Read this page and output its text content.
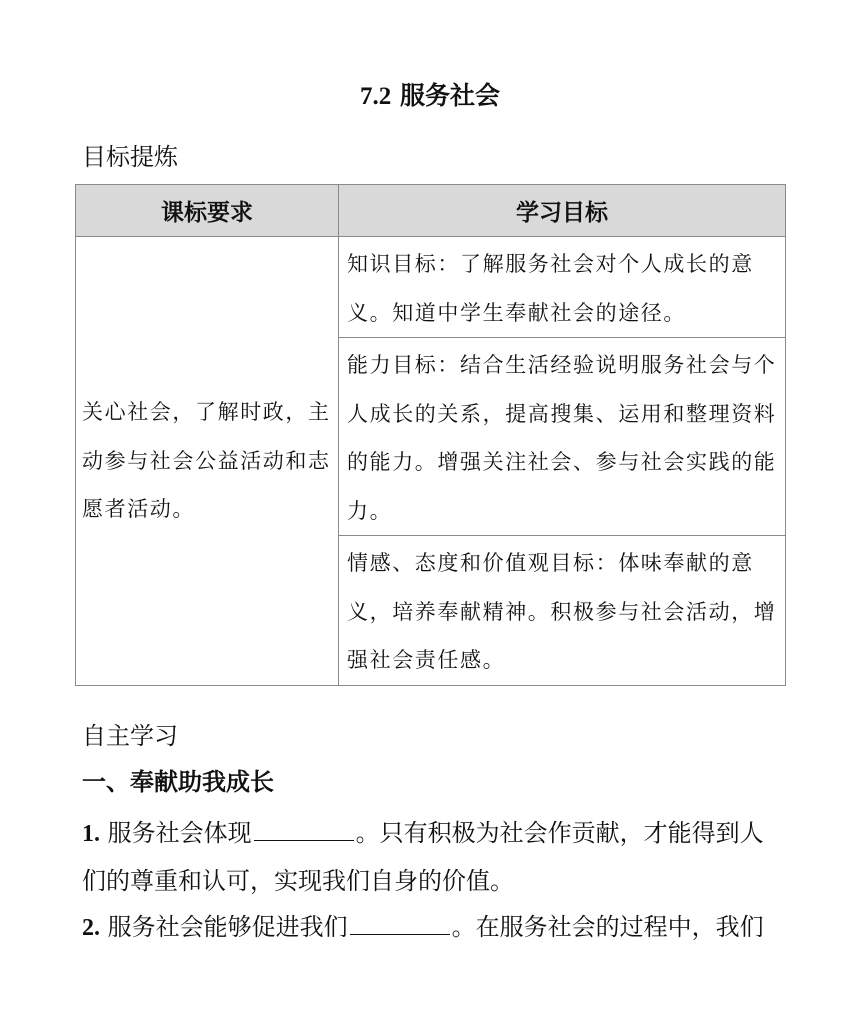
7.2 服务社会
目标提炼
课标要求	学习目标
关心社会，了解时政，主动参与社会公益活动和志愿者活动。	知识目标：了解服务社会对个人成长的意义。知道中学生奉献社会的途径。
	能力目标：结合生活经验说明服务社会与个人成长的关系，提高搜集、运用和整理资料的能力。增强关注社会、参与社会实践的能力。
	情感、态度和价值观目标：体味奉献的意义，培养奉献精神。积极参与社会活动，增强社会责任感。
自主学习
一、奉献助我成长
1. 服务社会体现	。只有积极为社会作贡献，才能得到人们的尊重和认可，实现我们自身的价值。
2. 服务社会能够促进我们	。在服务社会的过程中，我们
